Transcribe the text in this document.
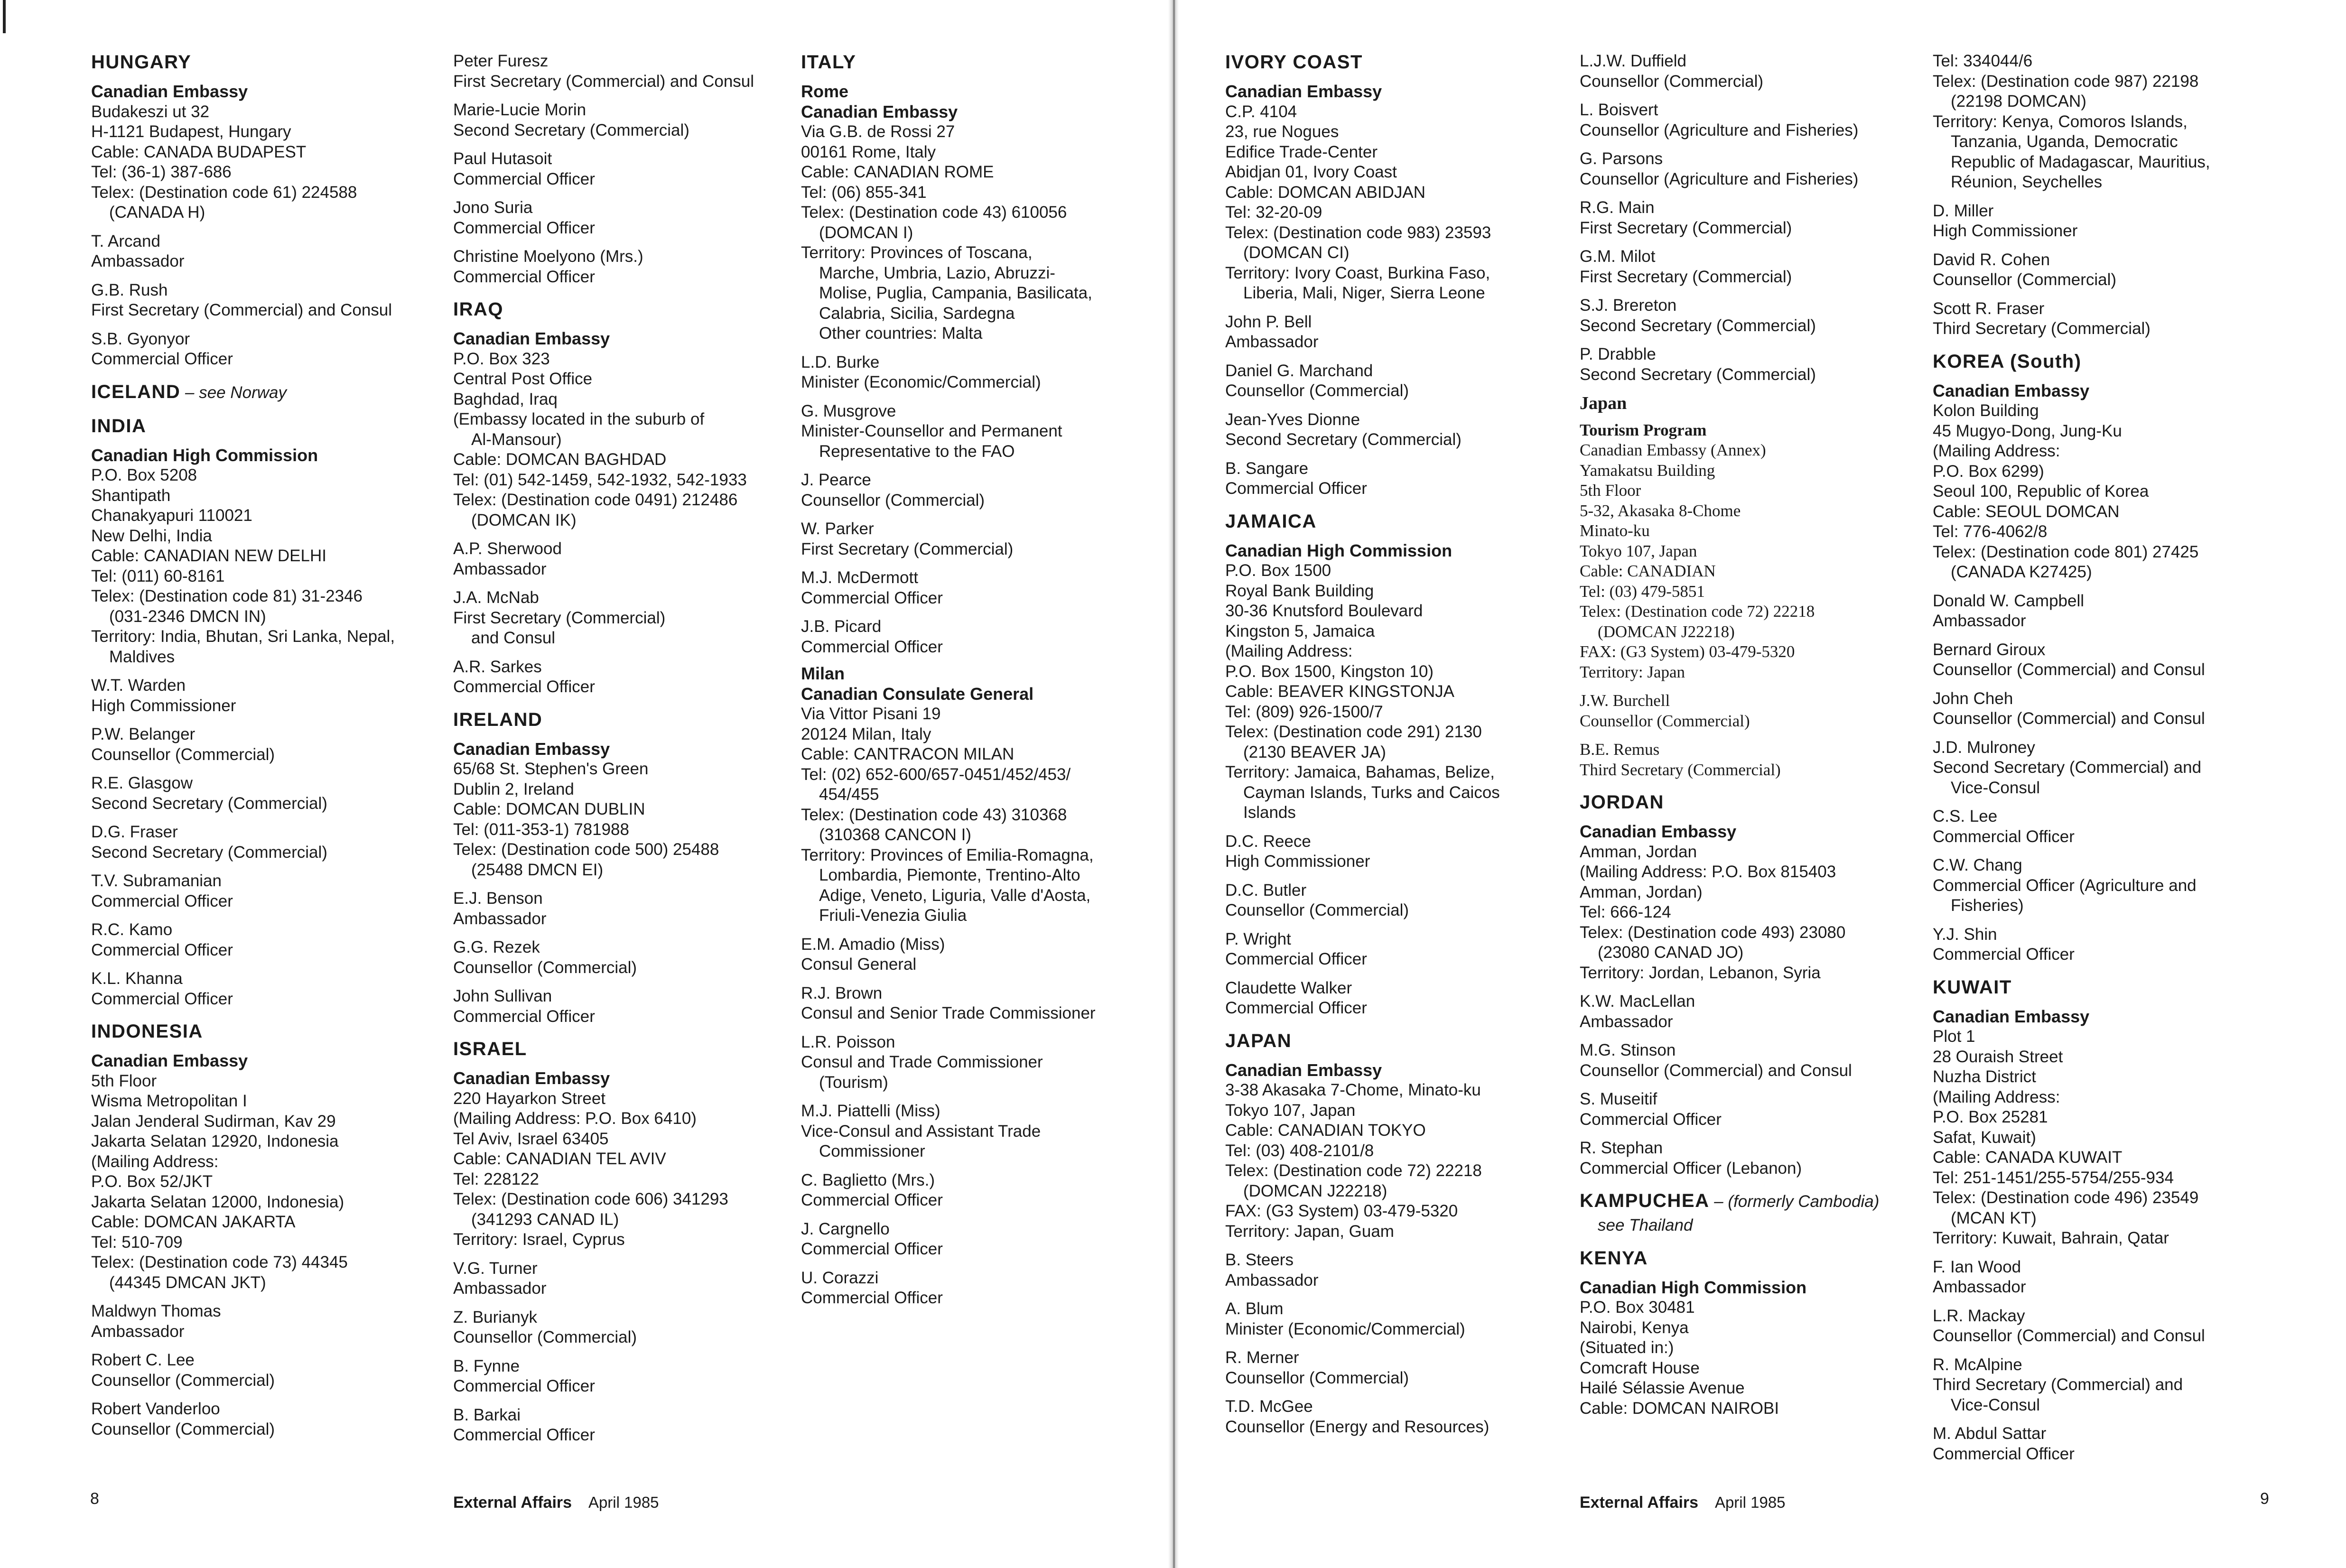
HUNGARY
Canadian Embassy
Budakeszi ut 32
H-1121 Budapest, Hungary
Cable: CANADA BUDAPEST
Tel: (36-1) 387-686
Telex: (Destination code 61) 224588
(CANADA H)
T. Arcand
Ambassador
G.B. Rush
First Secretary (Commercial) and Consul
S.B. Gyonyor
Commercial Officer
ICELAND – see Norway
INDIA
Canadian High Commission
P.O. Box 5208
Shantipath
Chanakyapuri 110021
New Delhi, India
Cable: CANADIAN NEW DELHI
Tel: (011) 60-8161
Telex: (Destination code 81) 31-2346
(031-2346 DMCN IN)
Territory: India, Bhutan, Sri Lanka, Nepal,
Maldives
W.T. Warden
High Commissioner
P.W. Belanger
Counsellor (Commercial)
R.E. Glasgow
Second Secretary (Commercial)
D.G. Fraser
Second Secretary (Commercial)
T.V. Subramanian
Commercial Officer
R.C. Kamo
Commercial Officer
K.L. Khanna
Commercial Officer
INDONESIA
Canadian Embassy
5th Floor
Wisma Metropolitan I
Jalan Jenderal Sudirman, Kav 29
Jakarta Selatan 12920, Indonesia
(Mailing Address:
P.O. Box 52/JKT
Jakarta Selatan 12000, Indonesia)
Cable: DOMCAN JAKARTA
Tel: 510-709
Telex: (Destination code 73) 44345
(44345 DMCAN JKT)
Maldwyn Thomas
Ambassador
Robert C. Lee
Counsellor (Commercial)
Robert Vanderloo
Counsellor (Commercial)
Peter Furesz
First Secretary (Commercial) and Consul
Marie-Lucie Morin
Second Secretary (Commercial)
Paul Hutasoit
Commercial Officer
Jono Suria
Commercial Officer
Christine Moelyono (Mrs.)
Commercial Officer
IRAQ
Canadian Embassy
P.O. Box 323
Central Post Office
Baghdad, Iraq
(Embassy located in the suburb of
Al-Mansour)
Cable: DOMCAN BAGHDAD
Tel: (01) 542-1459, 542-1932, 542-1933
Telex: (Destination code 0491) 212486
(DOMCAN IK)
A.P. Sherwood
Ambassador
J.A. McNab
First Secretary (Commercial)
and Consul
A.R. Sarkes
Commercial Officer
IRELAND
Canadian Embassy
65/68 St. Stephen's Green
Dublin 2, Ireland
Cable: DOMCAN DUBLIN
Tel: (011-353-1) 781988
Telex: (Destination code 500) 25488
(25488 DMCN EI)
E.J. Benson
Ambassador
G.G. Rezek
Counsellor (Commercial)
John Sullivan
Commercial Officer
ISRAEL
Canadian Embassy
220 Hayarkon Street
(Mailing Address: P.O. Box 6410)
Tel Aviv, Israel 63405
Cable: CANADIAN TEL AVIV
Tel: 228122
Telex: (Destination code 606) 341293
(341293 CANAD IL)
Territory: Israel, Cyprus
V.G. Turner
Ambassador
Z. Burianyk
Counsellor (Commercial)
B. Fynne
Commercial Officer
B. Barkai
Commercial Officer
ITALY
Rome
Canadian Embassy
Via G.B. de Rossi 27
00161 Rome, Italy
Cable: CANADIAN ROME
Tel: (06) 855-341
Telex: (Destination code 43) 610056
(DOMCAN I)
Territory: Provinces of Toscana,
Marche, Umbria, Lazio, Abruzzi-
Molise, Puglia, Campania, Basilicata,
Calabria, Sicilia, Sardegna
Other countries: Malta
L.D. Burke
Minister (Economic/Commercial)
G. Musgrove
Minister-Counsellor and Permanent
Representative to the FAO
J. Pearce
Counsellor (Commercial)
W. Parker
First Secretary (Commercial)
M.J. McDermott
Commercial Officer
J.B. Picard
Commercial Officer
Milan
Canadian Consulate General
Via Vittor Pisani 19
20124 Milan, Italy
Cable: CANTRACON MILAN
Tel: (02) 652-600/657-0451/452/453/
454/455
Telex: (Destination code 43) 310368
(310368 CANCON I)
Territory: Provinces of Emilia-Romagna,
Lombardia, Piemonte, Trentino-Alto
Adige, Veneto, Liguria, Valle d'Aosta,
Friuli-Venezia Giulia
E.M. Amadio (Miss)
Consul General
R.J. Brown
Consul and Senior Trade Commissioner
L.R. Poisson
Consul and Trade Commissioner
(Tourism)
M.J. Piattelli (Miss)
Vice-Consul and Assistant Trade
Commissioner
C. Baglietto (Mrs.)
Commercial Officer
J. Cargnello
Commercial Officer
U. Corazzi
Commercial Officer
8	External Affairs April 1985
IVORY COAST
Canadian Embassy
C.P. 4104
23, rue Nogues
Edifice Trade-Center
Abidjan 01, Ivory Coast
Cable: DOMCAN ABIDJAN
Tel: 32-20-09
Telex: (Destination code 983) 23593
(DOMCAN CI)
Territory: Ivory Coast, Burkina Faso,
Liberia, Mali, Niger, Sierra Leone
John P. Bell
Ambassador
Daniel G. Marchand
Counsellor (Commercial)
Jean-Yves Dionne
Second Secretary (Commercial)
B. Sangare
Commercial Officer
JAMAICA
Canadian High Commission
P.O. Box 1500
Royal Bank Building
30-36 Knutsford Boulevard
Kingston 5, Jamaica
(Mailing Address:
P.O. Box 1500, Kingston 10)
Cable: BEAVER KINGSTONJA
Tel: (809) 926-1500/7
Telex: (Destination code 291) 2130
(2130 BEAVER JA)
Territory: Jamaica, Bahamas, Belize,
Cayman Islands, Turks and Caicos
Islands
D.C. Reece
High Commissioner
D.C. Butler
Counsellor (Commercial)
P. Wright
Commercial Officer
Claudette Walker
Commercial Officer
JAPAN
Canadian Embassy
3-38 Akasaka 7-Chome, Minato-ku
Tokyo 107, Japan
Cable: CANADIAN TOKYO
Tel: (03) 408-2101/8
Telex: (Destination code 72) 22218
(DOMCAN J22218)
FAX: (G3 System) 03-479-5320
Territory: Japan, Guam
B. Steers
Ambassador
A. Blum
Minister (Economic/Commercial)
R. Merner
Counsellor (Commercial)
T.D. McGee
Counsellor (Energy and Resources)
L.J.W. Duffield
Counsellor (Commercial)
L. Boisvert
Counsellor (Agriculture and Fisheries)
G. Parsons
Counsellor (Agriculture and Fisheries)
R.G. Main
First Secretary (Commercial)
G.M. Milot
First Secretary (Commercial)
S.J. Brereton
Second Secretary (Commercial)
P. Drabble
Second Secretary (Commercial)
Japan
Tourism Program
Canadian Embassy (Annex)
Yamakatsu Building
5th Floor
5-32, Akasaka 8-Chome
Minato-ku
Tokyo 107, Japan
Cable: CANADIAN
Tel: (03) 479-5851
Telex: (Destination code 72) 22218
(DOMCAN J22218)
FAX: (G3 System) 03-479-5320
Territory: Japan
J.W. Burchell
Counsellor (Commercial)
B.E. Remus
Third Secretary (Commercial)
JORDAN
Canadian Embassy
Amman, Jordan
(Mailing Address: P.O. Box 815403
Amman, Jordan)
Tel: 666-124
Telex: (Destination code 493) 23080
(23080 CANAD JO)
Territory: Jordan, Lebanon, Syria
K.W. MacLellan
Ambassador
M.G. Stinson
Counsellor (Commercial) and Consul
S. Museitif
Commercial Officer
R. Stephan
Commercial Officer (Lebanon)
KAMPUCHEA – (formerly Cambodia)
see Thailand
KENYA
Canadian High Commission
P.O. Box 30481
Nairobi, Kenya
(Situated in:)
Comcraft House
Hailé Sélassie Avenue
Cable: DOMCAN NAIROBI
Tel: 334044/6
Telex: (Destination code 987) 22198
(22198 DOMCAN)
Territory: Kenya, Comoros Islands,
Tanzania, Uganda, Democratic
Republic of Madagascar, Mauritius,
Réunion, Seychelles
D. Miller
High Commissioner
David R. Cohen
Counsellor (Commercial)
Scott R. Fraser
Third Secretary (Commercial)
KOREA (South)
Canadian Embassy
Kolon Building
45 Mugyo-Dong, Jung-Ku
(Mailing Address:
P.O. Box 6299)
Seoul 100, Republic of Korea
Cable: SEOUL DOMCAN
Tel: 776-4062/8
Telex: (Destination code 801) 27425
(CANADA K27425)
Donald W. Campbell
Ambassador
Bernard Giroux
Counsellor (Commercial) and Consul
John Cheh
Counsellor (Commercial) and Consul
J.D. Mulroney
Second Secretary (Commercial) and
Vice-Consul
C.S. Lee
Commercial Officer
C.W. Chang
Commercial Officer (Agriculture and
Fisheries)
Y.J. Shin
Commercial Officer
KUWAIT
Canadian Embassy
Plot 1
28 Ouraish Street
Nuzha District
(Mailing Address:
P.O. Box 25281
Safat, Kuwait)
Cable: CANADA KUWAIT
Tel: 251-1451/255-5754/255-934
Telex: (Destination code 496) 23549
(MCAN KT)
Territory: Kuwait, Bahrain, Qatar
F. Ian Wood
Ambassador
L.R. Mackay
Counsellor (Commercial) and Consul
R. McAlpine
Third Secretary (Commercial) and
Vice-Consul
M. Abdul Sattar
Commercial Officer
9
External Affairs April 1985
